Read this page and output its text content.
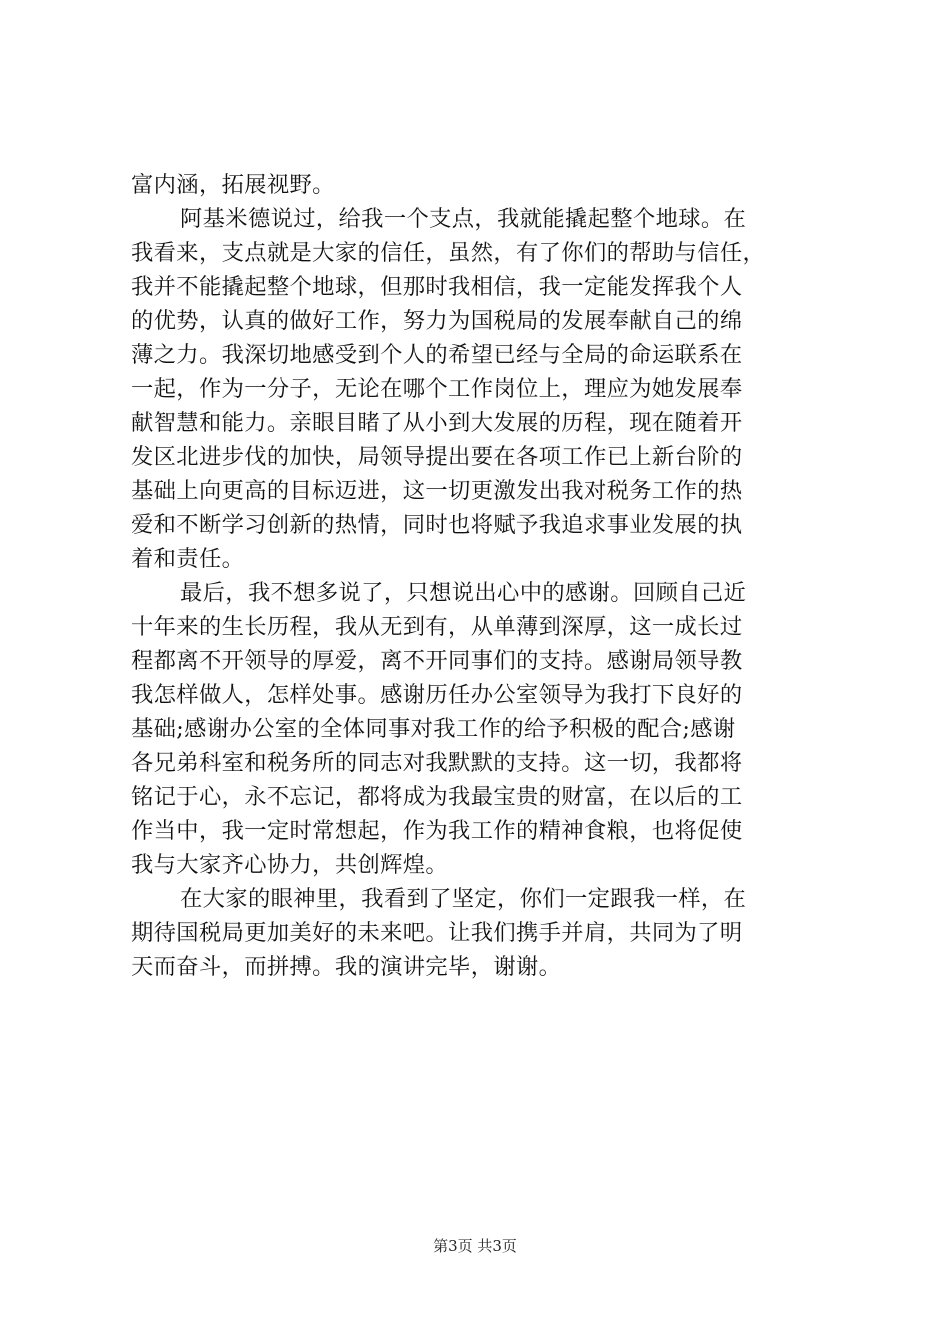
富内涵，拓展视野。
阿基米德说过，给我一个支点，我就能撬起整个地球。在
我看来，支点就是大家的信任，虽然，有了你们的帮助与信任，
我并不能撬起整个地球，但那时我相信，我一定能发挥我个人
的优势，认真的做好工作，努力为国税局的发展奉献自己的绵
薄之力。我深切地感受到个人的希望已经与全局的命运联系在
一起，作为一分子，无论在哪个工作岗位上，理应为她发展奉
献智慧和能力。亲眼目睹了从小到大发展的历程，现在随着开
发区北进步伐的加快，局领导提出要在各项工作已上新台阶的
基础上向更高的目标迈进，这一切更激发出我对税务工作的热
爱和不断学习创新的热情，同时也将赋予我追求事业发展的执
着和责任。
最后，我不想多说了，只想说出心中的感谢。回顾自己近
十年来的生长历程，我从无到有，从单薄到深厚，这一成长过
程都离不开领导的厚爱，离不开同事们的支持。感谢局领导教
我怎样做人，怎样处事。感谢历任办公室领导为我打下良好的
基础;感谢办公室的全体同事对我工作的给予积极的配合;感谢
各兄弟科室和税务所的同志对我默默的支持。这一切，我都将
铭记于心，永不忘记，都将成为我最宝贵的财富，在以后的工
作当中，我一定时常想起，作为我工作的精神食粮，也将促使
我与大家齐心协力，共创辉煌。
在大家的眼神里，我看到了坚定，你们一定跟我一样，在
期待国税局更加美好的未来吧。让我们携手并肩，共同为了明
天而奋斗，而拼搏。我的演讲完毕，谢谢。
第3页 共3页
